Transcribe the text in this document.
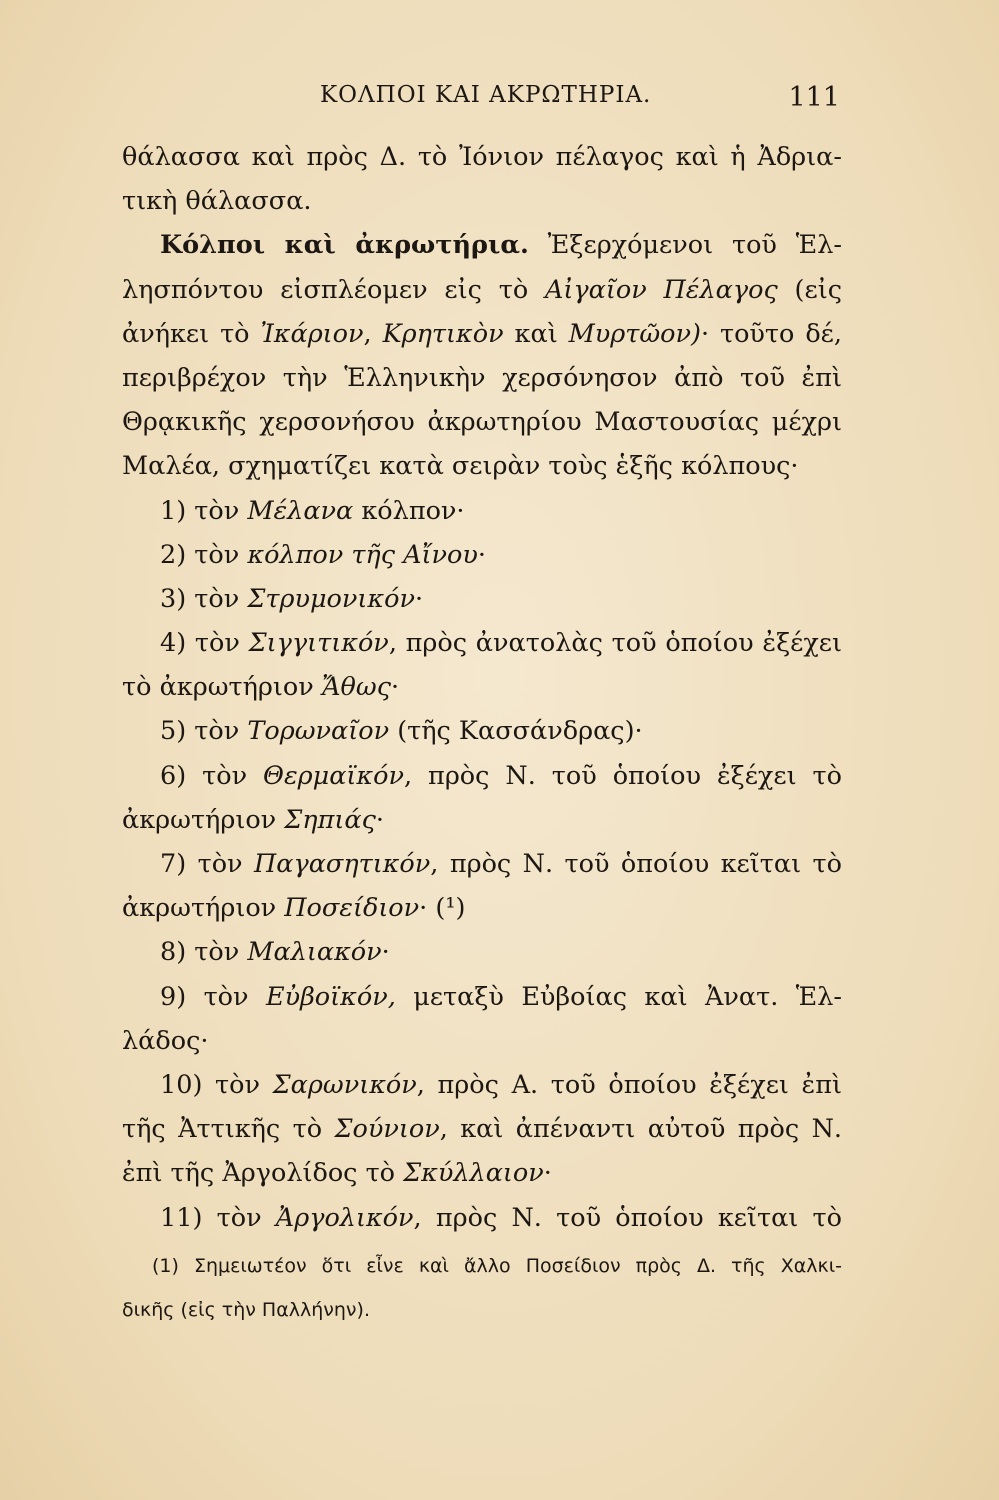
ΚΟΛΠΟΙ ΚΑΙ ΑΚΡΩΤΗΡΙΑ.	111
θάλασσα καὶ πρὸς Δ. τὸ Ἰόνιον πέλαγος καὶ ἡ Ἀδρια-
τικὴ θάλασσα.
Κόλποι καὶ ἀκρωτήρια. Ἐξερχόμενοι τοῦ Ἑλ-
λησπόντου εἰσπλέομεν εἰς τὸ Αἰγαῖον Πέλαγος (εἰς
ἀνήκει τὸ Ἰκάριον, Κρητικὸν καὶ Μυρτῶον)· τοῦτο δέ,
περιβρέχον τὴν Ἑλληνικὴν χερσόνησον ἀπὸ τοῦ ἐπὶ
Θρᾳκικῆς χερσονήσου ἀκρωτηρίου Μαστουσίας μέχρι
Μαλέα, σχηματίζει κατὰ σειρὰν τοὺς ἑξῆς κόλπους·
1) τὸν Μέλανα κόλπον·
2) τὸν κόλπον τῆς Αἴνου·
3) τὸν Στρυμονικόν·
4) τὸν Σιγγιτικόν, πρὸς ἀνατολὰς τοῦ ὁποίου ἐξέχει
τὸ ἀκρωτήριον Ἄθως·
5) τὸν Τορωναῖον (τῆς Κασσάνδρας)·
6) τὸν Θερμαϊκόν, πρὸς Ν. τοῦ ὁποίου ἐξέχει τὸ
ἀκρωτήριον Σηπιάς·
7) τὸν Παγασητικόν, πρὸς Ν. τοῦ ὁποίου κεῖται τὸ
ἀκρωτήριον Ποσείδιον· (¹)
8) τὸν Μαλιακόν·
9) τὸν Εὐβοϊκόν, μεταξὺ Εὐβοίας καὶ Ἀνατ. Ἑλ-
λάδος·
10) τὸν Σαρωνικόν, πρὸς Α. τοῦ ὁποίου ἐξέχει ἐπὶ
τῆς Ἀττικῆς τὸ Σούνιον, καὶ ἀπέναντι αὐτοῦ πρὸς Ν.
ἐπὶ τῆς Ἀργολίδος τὸ Σκύλλαιον·
11) τὸν Ἀργολικόν, πρὸς Ν. τοῦ ὁποίου κεῖται τὸ
(1) Σημειωτέον ὅτι εἶνε καὶ ἄλλο Ποσείδιον πρὸς Δ. τῆς Χαλκι-
δικῆς (εἰς τὴν Παλλήνην).
